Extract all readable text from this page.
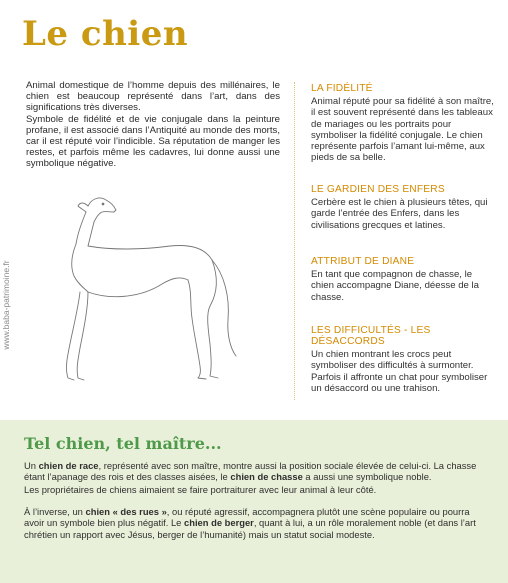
Le chien

Animal domestique de l’homme depuis des millénaires, le chien est beaucoup représenté dans l’art, dans des significations très diverses.

Symbole de fidélité et de vie conjugale dans la peinture profane, il est associé dans l’Antiquité au monde des morts, car il est réputé voir l’indicible. Sa réputation de manger les restes, et parfois même les cadavres, lui donne aussi une symbolique négative.

www.baba-patrimoine.fr
LA FIDÉLITÉ
Animal réputé pour sa fidélité à son maître, il est souvent représenté dans les tableaux de mariages ou les portraits pour symboliser la fidélité conjugale. Le chien représente parfois l’amant lui-même, aux pieds de sa belle.
LE GARDIEN DES ENFERS
Cerbère est le chien à plusieurs têtes, qui garde l’entrée des Enfers, dans les civilisations grecques et latines.
ATTRIBUT DE DIANE
En tant que compagnon de chasse, le chien accompagne Diane, déesse de la chasse.
LES DIFFICULTÉS - LES DÉSACCORDS
Un chien montrant les crocs peut symboliser des difficultés à surmonter. Parfois il affronte un chat pour symboliser un désaccord ou une trahison.
Tel chien, tel maître...
Un chien de race, représenté avec son maître, montre aussi la position sociale élevée de celui-ci. La chasse étant l’apanage des rois et des classes aisées, le chien de chasse a aussi une symbolique noble.
Les propriétaires de chiens aimaient se faire portraiturer avec leur animal à leur côté.
À l’inverse, un chien « des rues », ou réputé agressif, accompagnera plutôt une scène populaire ou pourra avoir un symbole bien plus négatif. Le chien de berger, quant à lui, a un rôle moralement noble (et dans l’art chrétien un rapport avec Jésus, berger de l’humanité) mais un statut social modeste.
